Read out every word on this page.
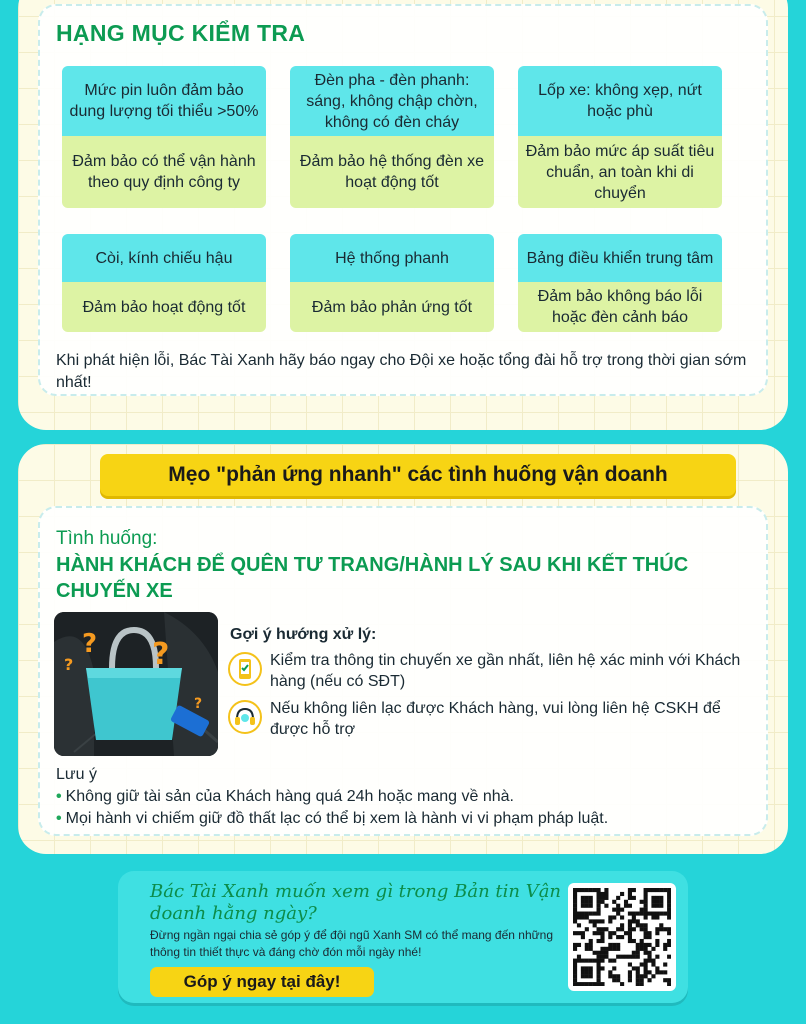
HẠNG MỤC KIỂM TRA
Mức pin luôn đảm bảo dung lượng tối thiểu >50%
Đảm bảo có thể vận hành theo quy định công ty
Đèn pha - đèn phanh: sáng, không chập chờn, không có đèn cháy
Đảm bảo hệ thống đèn xe hoạt động tốt
Lốp xe: không xẹp, nứt hoặc phù
Đảm bảo mức áp suất tiêu chuẩn, an toàn khi di chuyển
Còi, kính chiếu hậu
Đảm bảo hoạt động tốt
Hệ thống phanh
Đảm bảo phản ứng tốt
Bảng điều khiển trung tâm
Đảm bảo không báo lỗi hoặc đèn cảnh báo
Khi phát hiện lỗi, Bác Tài Xanh hãy báo ngay cho Đội xe hoặc tổng đài hỗ trợ trong thời gian sớm nhất!
Mẹo "phản ứng nhanh" các tình huống vận doanh
Tình huống:
HÀNH KHÁCH ĐỂ QUÊN TƯ TRANG/HÀNH LÝ SAU KHI KẾT THÚC CHUYẾN XE
? ?
?
?
Gợi ý hướng xử lý:
Kiểm tra thông tin chuyến xe gần nhất, liên hệ xác minh với Khách hàng (nếu có SĐT)
Nếu không liên lạc được Khách hàng, vui lòng liên hệ CSKH để được hỗ trợ
Lưu ý
• Không giữ tài sản của Khách hàng quá 24h hoặc mang về nhà.
• Mọi hành vi chiếm giữ đồ thất lạc có thể bị xem là hành vi vi phạm pháp luật.
Bác Tài Xanh muốn xem gì trong Bản tin Vận doanh hằng ngày?
Đừng ngần ngại chia sẻ góp ý để đội ngũ Xanh SM có thể mang đến những thông tin thiết thực và đáng chờ đón mỗi ngày nhé!
Góp ý ngay tại đây!
